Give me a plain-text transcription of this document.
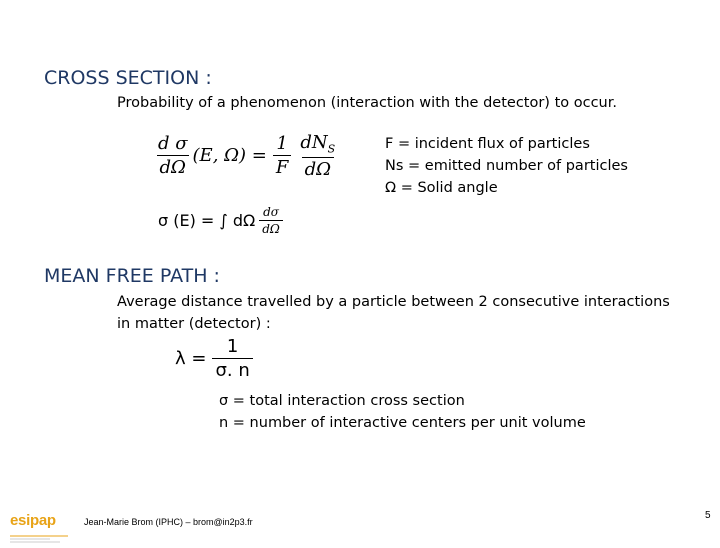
CROSS SECTION :
Probability of a phenomenon (interaction with the detector) to occur.
$\frac{\text{d σ}}{d\Omega} (E$, $\Omega) = \frac{1}{F} \frac{dN_S}{d\Omega}$	F = incident flux of particles
Ns = emitted number of particles
Ω = Solid angle
σ (E) = ∫ dΩ $\frac{d\sigma}{d\Omega}$
MEAN FREE PATH :
Average distance travelled by a particle between 2 consecutive interactions
in matter (detector) :
$\lambda = \frac{1}{\sigma. n}$
σ = total interaction cross section
n = number of interactive centers per unit volume
esipap	Jean-Marie Brom (IPHC) – brom@in2p3.fr
5
